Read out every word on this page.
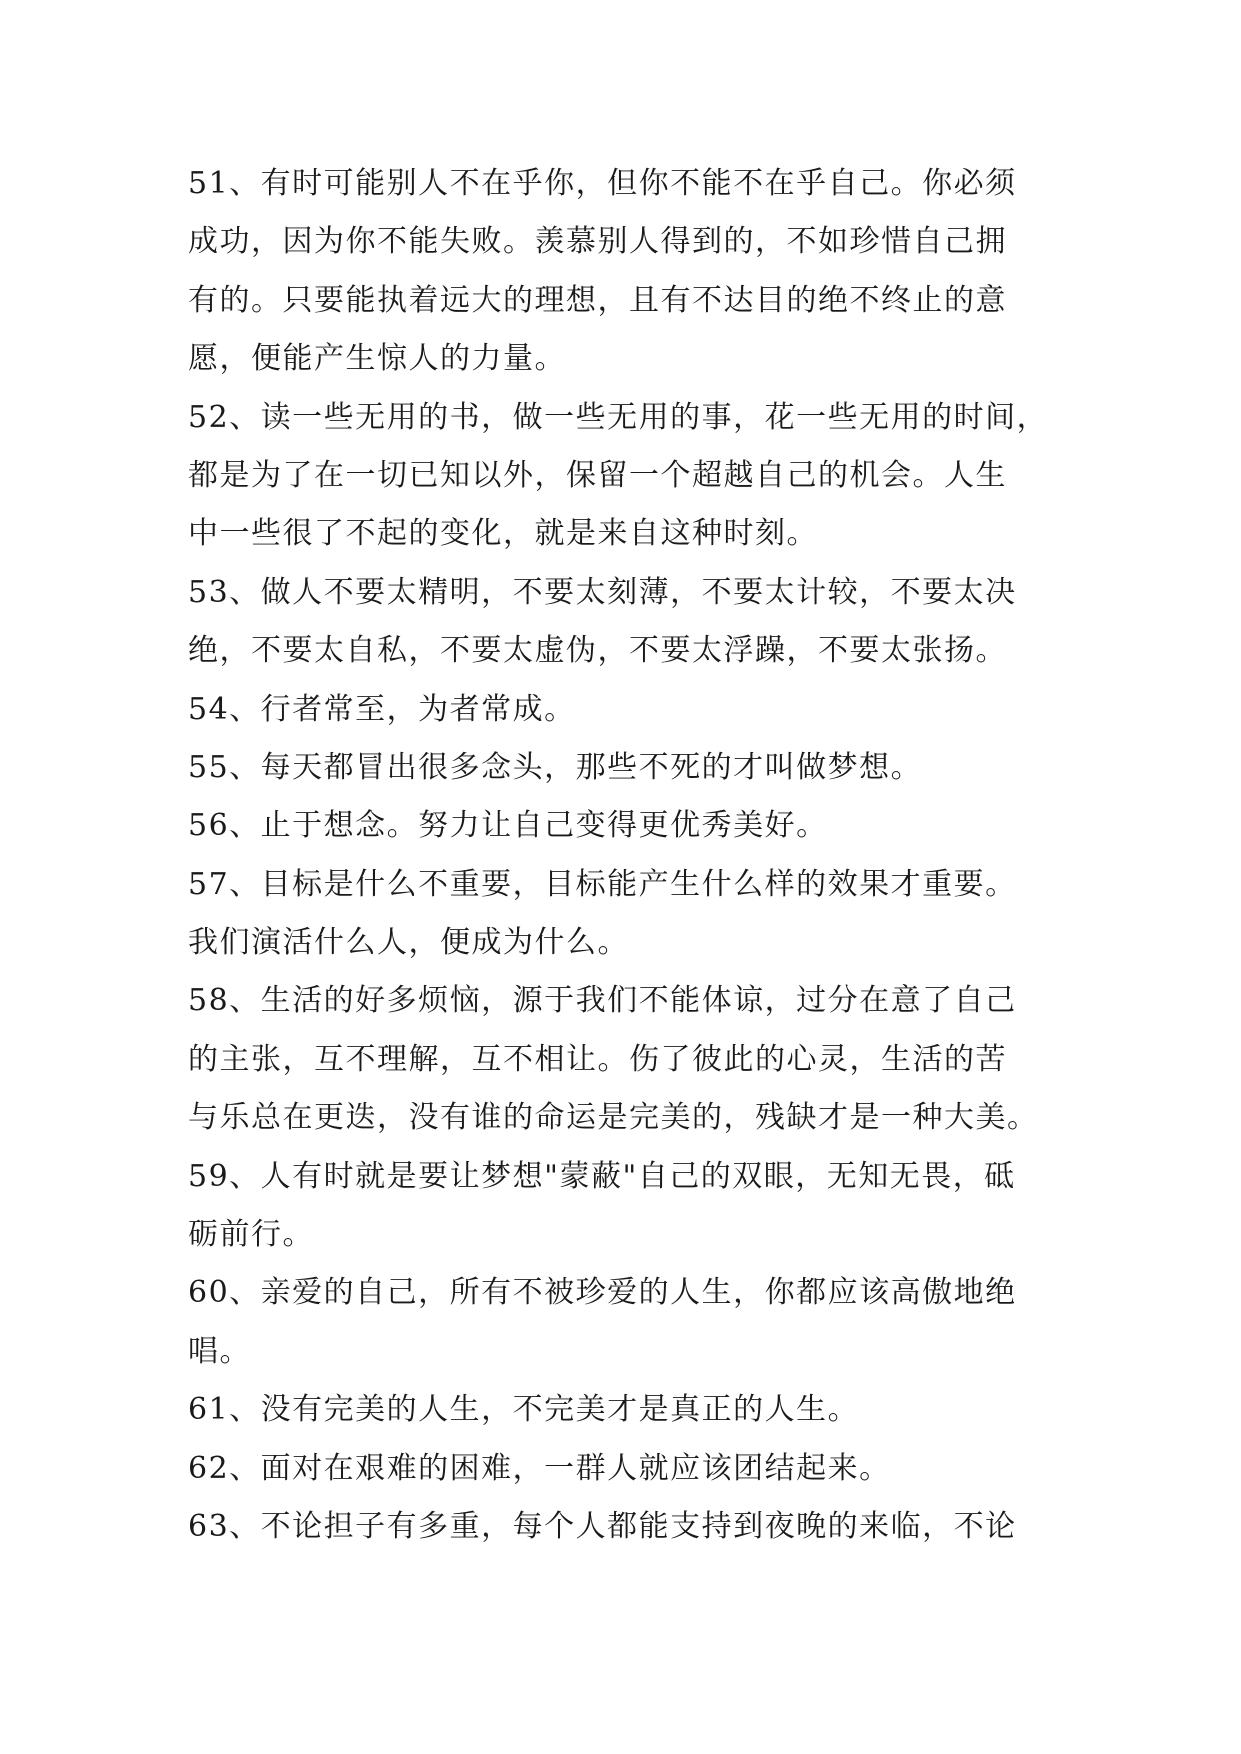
51、有时可能别人不在乎你，但你不能不在乎自己。你必须
成功，因为你不能失败。羡慕别人得到的，不如珍惜自己拥
有的。只要能执着远大的理想，且有不达目的绝不终止的意
愿，便能产生惊人的力量。
52、读一些无用的书，做一些无用的事，花一些无用的时间，
都是为了在一切已知以外，保留一个超越自己的机会。人生
中一些很了不起的变化，就是来自这种时刻。
53、做人不要太精明，不要太刻薄，不要太计较，不要太决
绝，不要太自私，不要太虚伪，不要太浮躁，不要太张扬。
54、行者常至，为者常成。
55、每天都冒出很多念头，那些不死的才叫做梦想。
56、止于想念。努力让自己变得更优秀美好。
57、目标是什么不重要，目标能产生什么样的效果才重要。
我们演活什么人，便成为什么。
58、生活的好多烦恼，源于我们不能体谅，过分在意了自己
的主张，互不理解，互不相让。伤了彼此的心灵，生活的苦
与乐总在更迭，没有谁的命运是完美的，残缺才是一种大美。
59、人有时就是要让梦想"蒙蔽"自己的双眼，无知无畏，砥
砺前行。
60、亲爱的自己，所有不被珍爱的人生，你都应该高傲地绝
唱。
61、没有完美的人生，不完美才是真正的人生。
62、面对在艰难的困难，一群人就应该团结起来。
63、不论担子有多重，每个人都能支持到夜晚的来临，不论
